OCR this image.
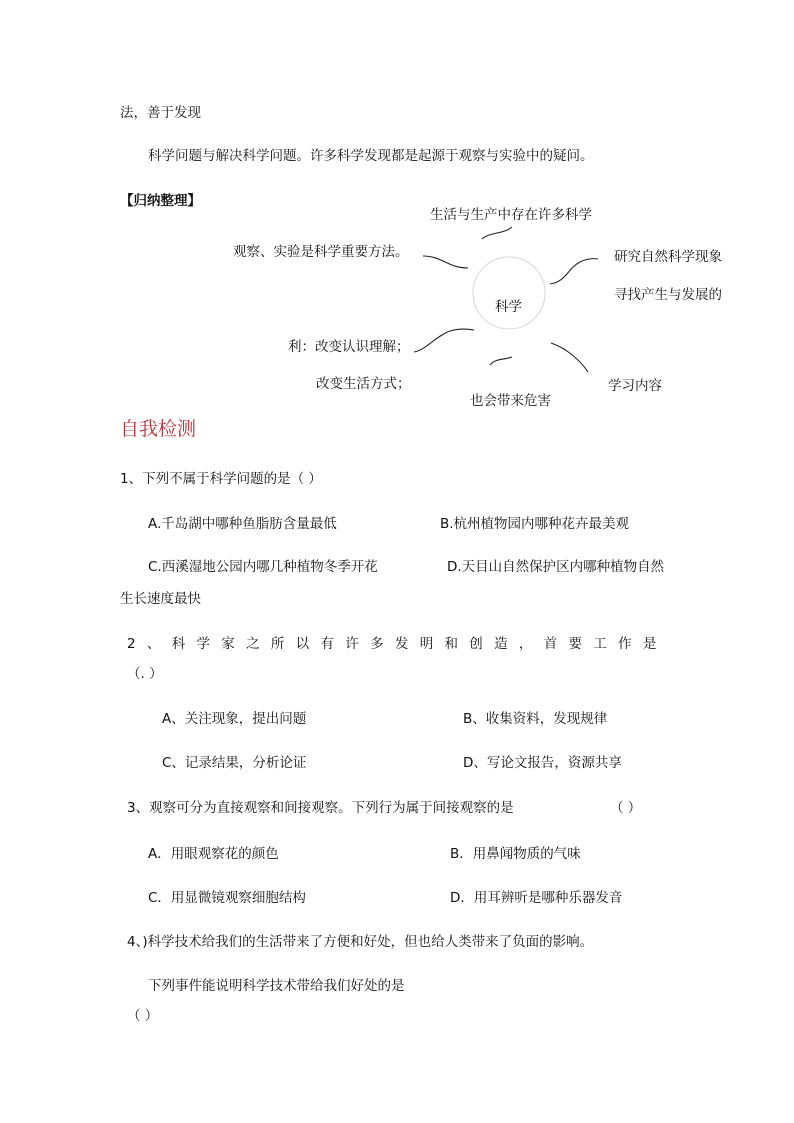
法，善于发现
科学问题与解决科学问题。许多科学发现都是起源于观察与实验中的疑问。
【归纳整理】
生活与生产中存在许多科学
观察、实验是科学重要方法。	研究自然科学现象
寻找产生与发展的
科学
利：改变认识理解；
改变生活方式；	学习内容
也会带来危害
自我检测
1、下列不属于科学问题的是（ ）
A.千岛湖中哪种鱼脂肪含量最低	B.杭州植物园内哪种花卉最美观
C.西溪湿地公园内哪几种植物冬季开花	D.天目山自然保护区内哪种植物自然
生长速度最快
2、科学家之所以有许多发明和创造，首要工作是
（. ）
A、关注现象，提出问题	B、收集资料，发现规律
C、记录结果，分析论证	D、写论文报告，资源共享
3、观察可分为直接观察和间接观察。下列行为属于间接观察的是	（ ）
A．用眼观察花的颜色	B．用鼻闻物质的气味
C．用显微镜观察细胞结构	D．用耳辨听是哪种乐器发音
4、)科学技术给我们的生活带来了方便和好处，但也给人类带来了负面的影响。
下列事件能说明科学技术带给我们好处的是
（ ）
